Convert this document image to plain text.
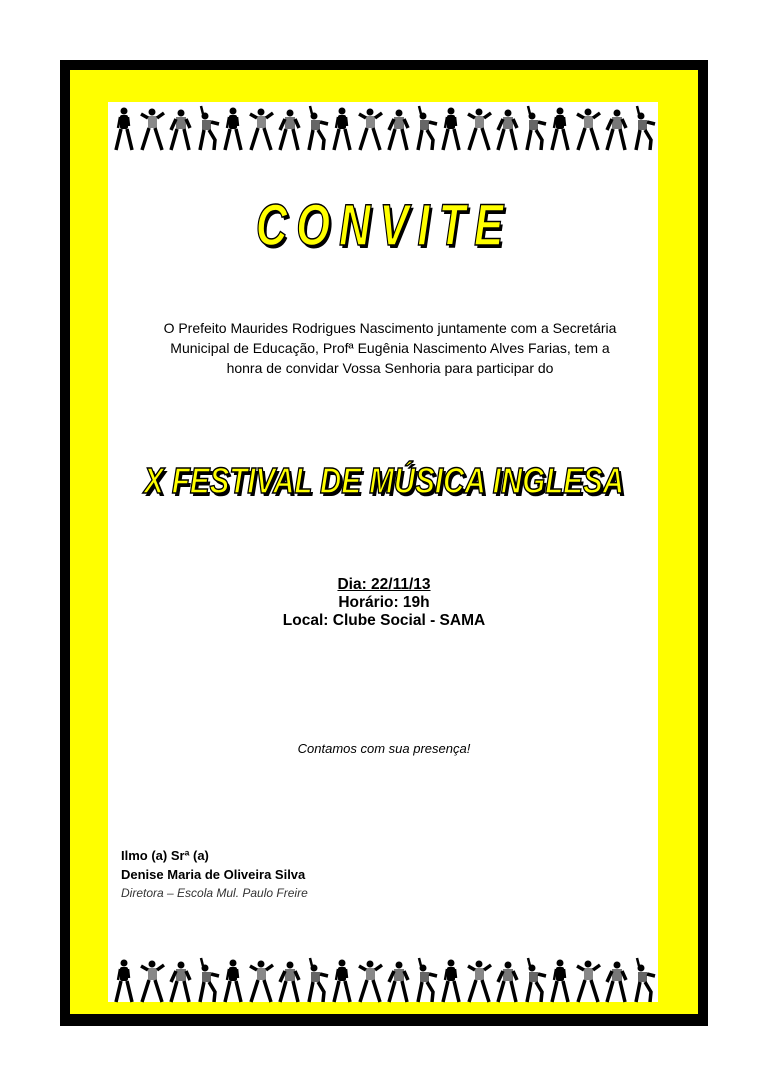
CONVITE
O Prefeito Maurides Rodrigues Nascimento juntamente com a Secretária Municipal de Educação, Profª Eugênia Nascimento Alves Farias, tem a honra de convidar Vossa Senhoria para participar do
X FESTIVAL DE MÚSICA INGLESA
Dia: 22/11/13
Horário: 19h
Local: Clube Social - SAMA
Contamos com sua presença!
Ilmo (a) Srª (a)
Denise Maria de Oliveira Silva
Diretora – Escola Mul. Paulo Freire
